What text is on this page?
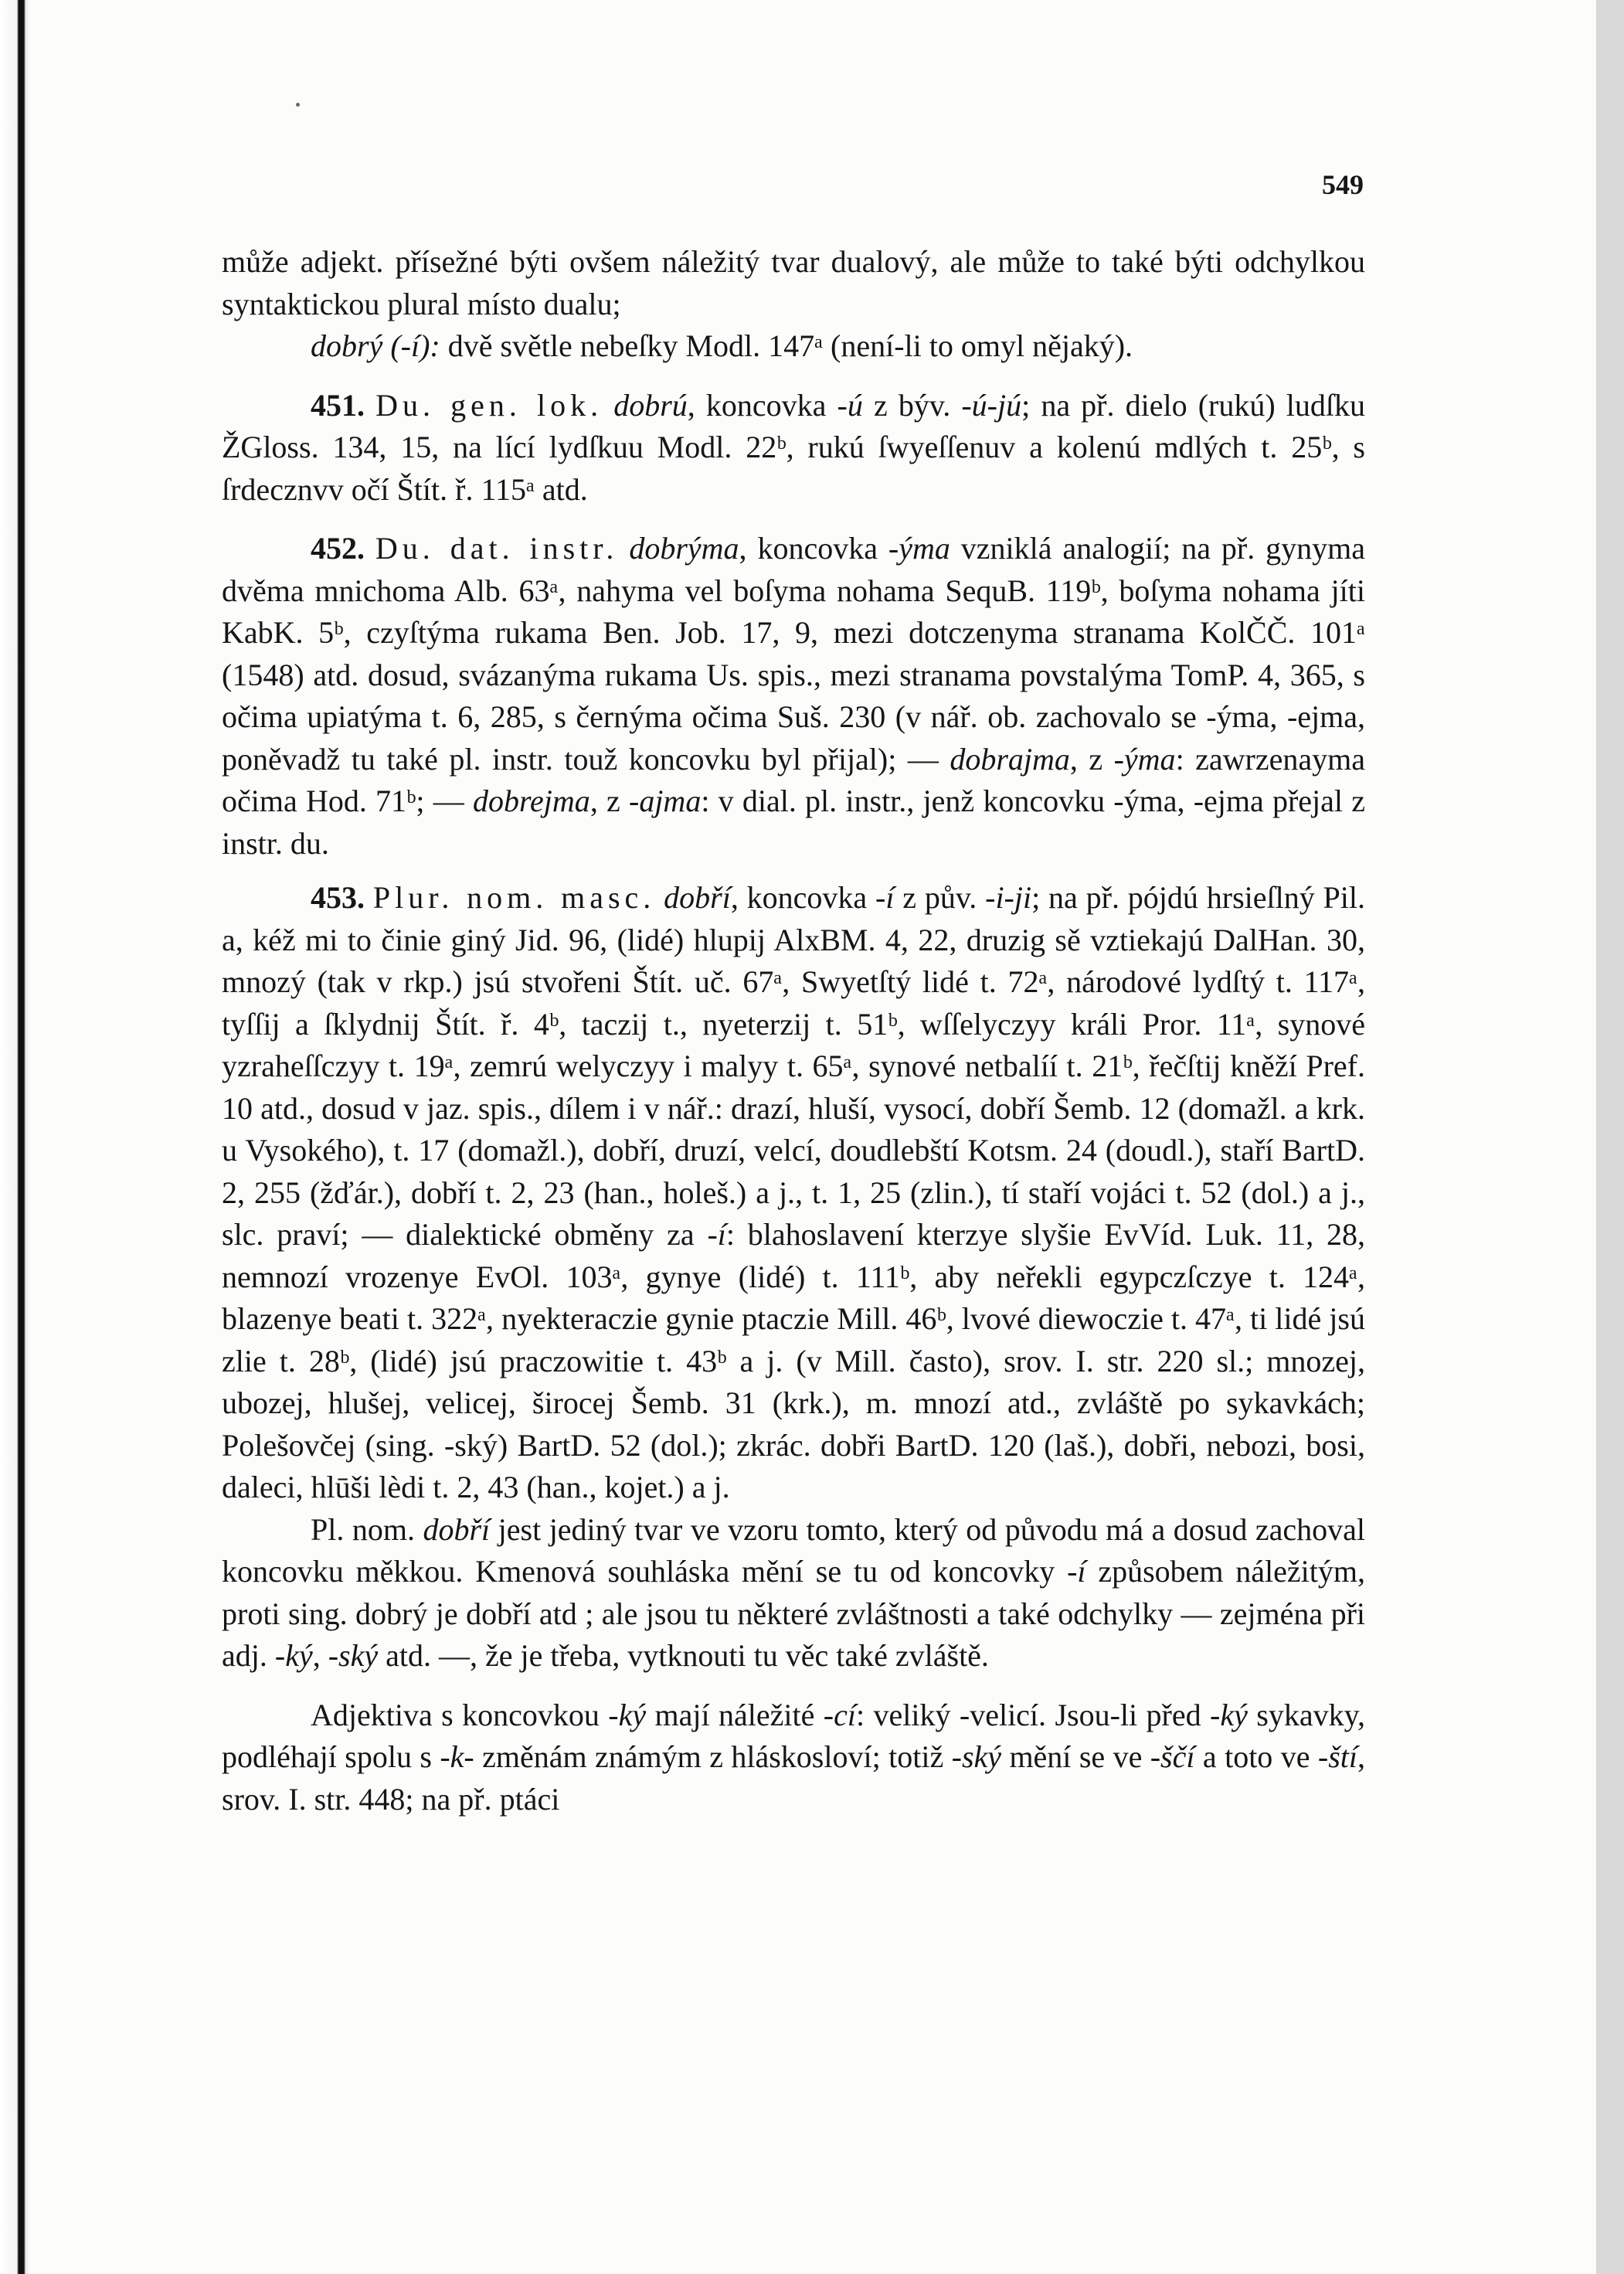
549

může adjekt. přísežné býti ovšem náležitý tvar dualový, ale může to také býti odchylkou syntaktickou plural místo dualu;

dobrý (-í): dvě světle nebeſky Modl. 147ᵃ (není-li to omyl nějaký).

451. Du. gen. lok. dobrú, koncovka -ú z býv. -ú-jú; na př. dielo (rukú) ludſku ŽGloss. 134, 15, na lící lydſkuu Modl. 22ᵇ, rukú ſwyeſſenuv a kolenú mdlých t. 25ᵇ, s ſrdecznvv očí Štít. ř. 115ᵃ atd.

452. Du. dat. instr. dobrýma, koncovka -ýma vzniklá analogií; na př. gynyma dvěma mnichoma Alb. 63ᵃ, nahyma vel boſyma nohama SequB. 119ᵇ, boſyma nohama jíti KabK. 5ᵇ, czyſtýma rukama Ben. Job. 17, 9, mezi dotczenyma stranama KolČČ. 101ᵃ (1548) atd. dosud, svázanýma rukama Us. spis., mezi stranama povstalýma TomP. 4, 365, s očima upiatýma t. 6, 285, s černýma očima Suš. 230 (v nář. ob. zachovalo se -ýma, -ejma, poněvadž tu také pl. instr. touž koncovku byl přijal); — dobrajma, z -ýma: zawrzenayma očima Hod. 71ᵇ; — dobrejma, z -ajma: v dial. pl. instr., jenž koncovku -ýma, -ejma přejal z instr. du.

453. Plur. nom. masc. dobří, koncovka -í z pův. -i-ji; na př. pójdú hrsieſlný Pil. a, kéž mi to činie giný Jid. 96, (lidé) hlupij AlxBM. 4, 22, druzig sě vztiekajú DalHan. 30, mnozý (tak v rkp.) jsú stvořeni Štít. uč. 67ᵃ, Swyetſtý lidé t. 72ᵃ, národové lydſtý t. 117ᵃ, tyſſij a ſklydnij Štít. ř. 4ᵇ, taczij t., nyeterzij t. 51ᵇ, wſſelyczyy králi Pror. 11ᵃ, synové yzraheſſczyy t. 19ᵃ, zemrú welyczyy i malyy t. 65ᵃ, synové netbalíí t. 21ᵇ, řečſtij kněží Pref. 10 atd., dosud v jaz. spis., dílem i v nář.: drazí, hluší, vysocí, dobří Šemb. 12 (domažl. a krk. u Vysokého), t. 17 (domažl.), dobří, druzí, velcí, doudlebští Kotsm. 24 (doudl.), staří BartD. 2, 255 (žďár.), dobří t. 2, 23 (han., holeš.) a j., t. 1, 25 (zlin.), tí staří vojáci t. 52 (dol.) a j., slc. praví; — dialektické obměny za -í: blahoslavení kterzye slyšie EvVíd. Luk. 11, 28, nemnozí vrozenye EvOl. 103ᵃ, gynye (lidé) t. 111ᵇ, aby neřekli egypczſczye t. 124ᵃ, blazenye beati t. 322ᵃ, nyekteraczie gynie ptaczie Mill. 46ᵇ, lvové diewoczie t. 47ᵃ, ti lidé jsú zlie t. 28ᵇ, (lidé) jsú praczowitie t. 43ᵇ a j. (v Mill. často), srov. I. str. 220 sl.; mnozej, ubozej, hlušej, velicej, širocej Šemb. 31 (krk.), m. mnozí atd., zvláště po sykavkách; Polešovčej (sing. -ský) BartD. 52 (dol.); zkrác. dobři BartD. 120 (laš.), dobři, nebozi, bosi, daleci, hlūši lèdi t. 2, 43 (han., kojet.) a j.

Pl. nom. dobří jest jediný tvar ve vzoru tomto, který od původu má a dosud zachoval koncovku měkkou. Kmenová souhláska mění se tu od koncovky -í způsobem náležitým, proti sing. dobrý je dobří atd ; ale jsou tu některé zvláštnosti a také odchylky — zejména při adj. -ký, -ský atd. —, že je třeba, vytknouti tu věc také zvláště.

Adjektiva s koncovkou -ký mají náležité -cí: veliký -velicí. Jsou-li před -ký sykavky, podléhají spolu s -k- změnám známým z hláskosloví; totiž -ský mění se ve -ščí a toto ve -ští, srov. I. str. 448; na př. ptáci
